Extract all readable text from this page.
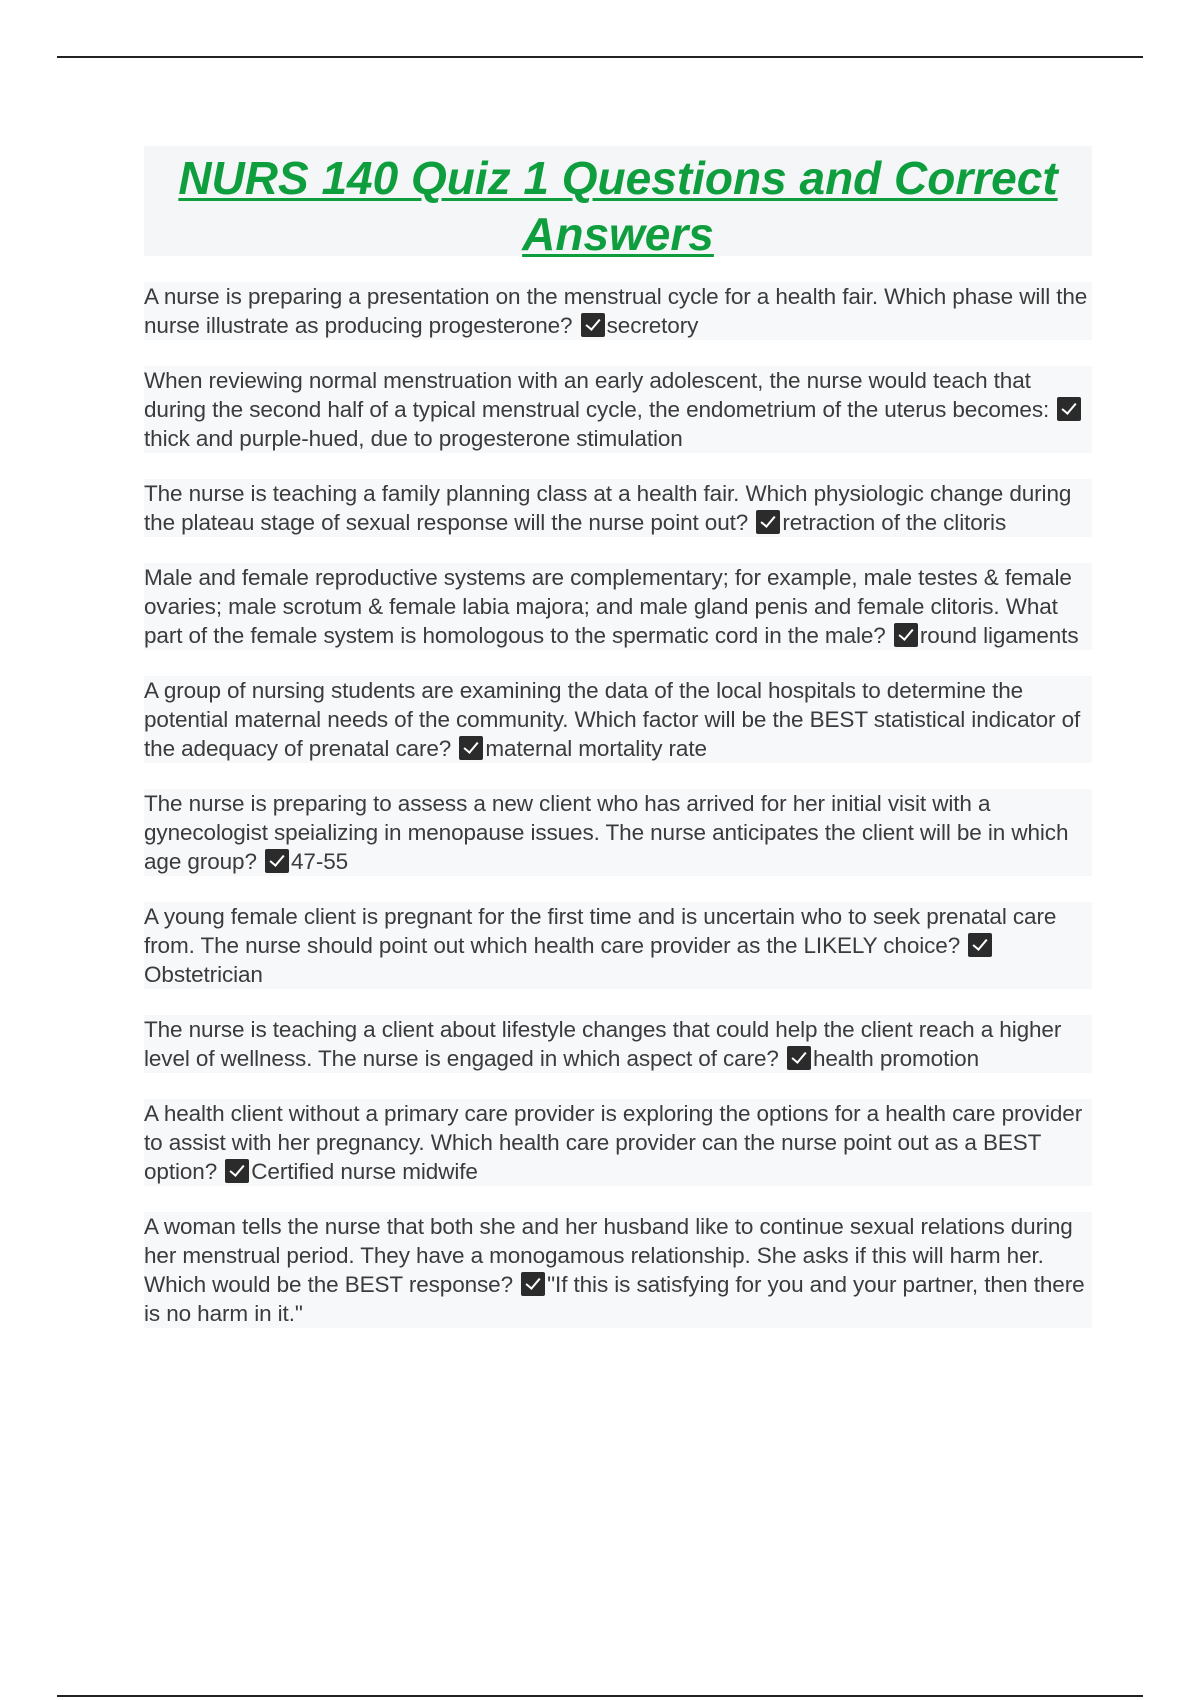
NURS 140 Quiz 1 Questions and Correct Answers

A nurse is preparing a presentation on the menstrual cycle for a health fair. Which phase will the nurse illustrate as producing progesterone? secretory

When reviewing normal menstruation with an early adolescent, the nurse would teach that during the second half of a typical menstrual cycle, the endometrium of the uterus becomes: thick and purple-hued, due to progesterone stimulation

The nurse is teaching a family planning class at a health fair. Which physiologic change during the plateau stage of sexual response will the nurse point out? retraction of the clitoris

Male and female reproductive systems are complementary; for example, male testes & female ovaries; male scrotum & female labia majora; and male gland penis and female clitoris. What part of the female system is homologous to the spermatic cord in the male? round ligaments

A group of nursing students are examining the data of the local hospitals to determine the potential maternal needs of the community. Which factor will be the BEST statistical indicator of the adequacy of prenatal care? maternal mortality rate

The nurse is preparing to assess a new client who has arrived for her initial visit with a gynecologist speializing in menopause issues. The nurse anticipates the client will be in which age group? 47-55

A young female client is pregnant for the first time and is uncertain who to seek prenatal care from. The nurse should point out which health care provider as the LIKELY choice? Obstetrician

The nurse is teaching a client about lifestyle changes that could help the client reach a higher level of wellness. The nurse is engaged in which aspect of care? health promotion

A health client without a primary care provider is exploring the options for a health care provider to assist with her pregnancy. Which health care provider can the nurse point out as a BEST option? Certified nurse midwife

A woman tells the nurse that both she and her husband like to continue sexual relations during her menstrual period. They have a monogamous relationship. She asks if this will harm her. Which would be the BEST response? "If this is satisfying for you and your partner, then there is no harm in it."
